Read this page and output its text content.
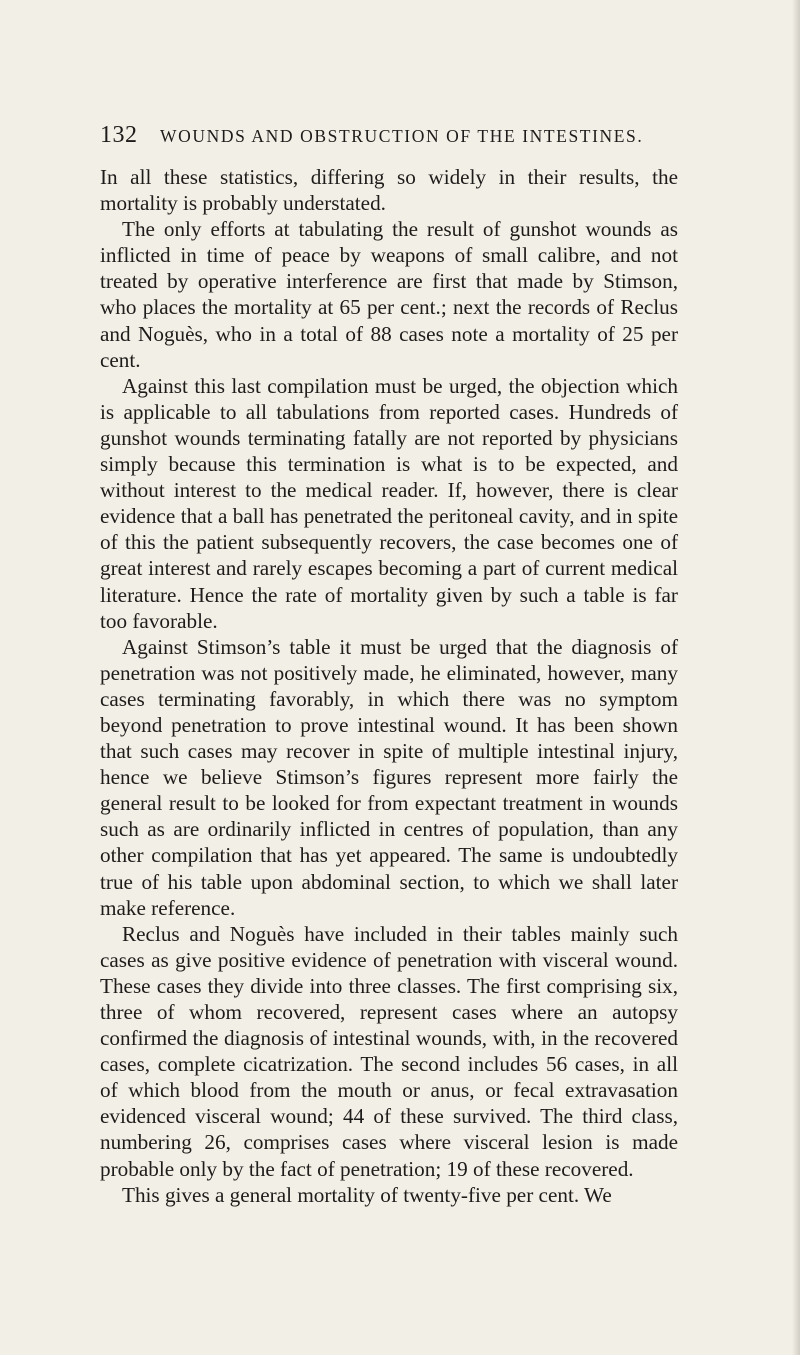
132 WOUNDS AND OBSTRUCTION OF THE INTESTINES.

In all these statistics, differing so widely in their results, the mortality is probably understated.

The only efforts at tabulating the result of gunshot wounds as inflicted in time of peace by weapons of small calibre, and not treated by operative interference are first that made by Stimson, who places the mortality at 65 per cent.; next the records of Reclus and Noguès, who in a total of 88 cases note a mortality of 25 per cent.

Against this last compilation must be urged, the objection which is applicable to all tabulations from reported cases. Hundreds of gunshot wounds terminating fatally are not reported by physicians simply because this termination is what is to be expected, and without interest to the medical reader. If, however, there is clear evidence that a ball has penetrated the peritoneal cavity, and in spite of this the patient subsequently recovers, the case becomes one of great interest and rarely escapes becoming a part of current medical literature. Hence the rate of mortality given by such a table is far too favorable.

Against Stimson’s table it must be urged that the diagnosis of penetration was not positively made, he eliminated, however, many cases terminating favorably, in which there was no symptom beyond penetration to prove intestinal wound. It has been shown that such cases may recover in spite of multiple intestinal injury, hence we believe Stimson’s figures represent more fairly the general result to be looked for from expectant treatment in wounds such as are ordinarily inflicted in centres of population, than any other compilation that has yet appeared. The same is undoubtedly true of his table upon abdominal section, to which we shall later make reference.

Reclus and Noguès have included in their tables mainly such cases as give positive evidence of penetration with visceral wound. These cases they divide into three classes. The first comprising six, three of whom recovered, represent cases where an autopsy confirmed the diagnosis of intestinal wounds, with, in the recovered cases, complete cicatrization. The second includes 56 cases, in all of which blood from the mouth or anus, or fecal extravasation evidenced visceral wound; 44 of these survived. The third class, numbering 26, comprises cases where visceral lesion is made probable only by the fact of penetration; 19 of these recovered.

This gives a general mortality of twenty-five per cent. We
